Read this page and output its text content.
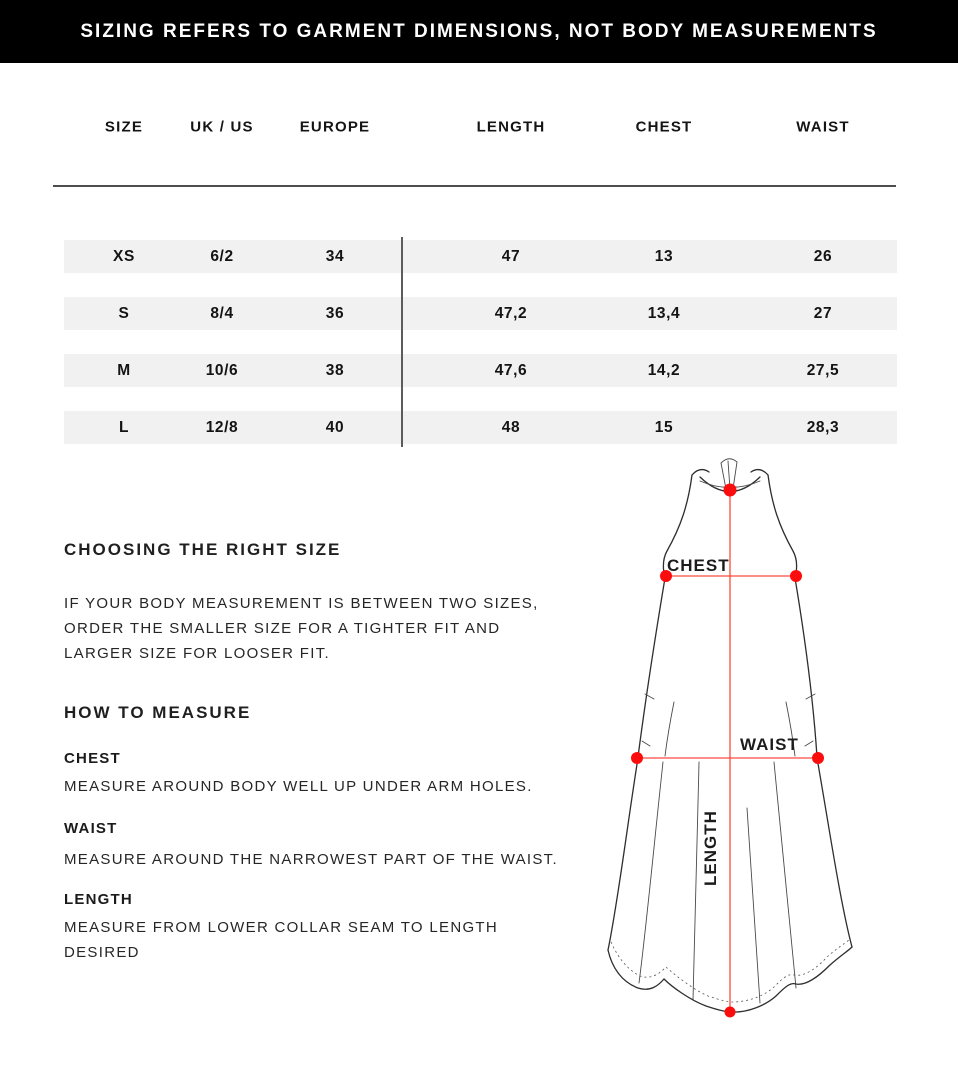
SIZING REFERS TO GARMENT DIMENSIONS, NOT BODY MEASUREMENTS
SIZE	UK / US	EUROPE	LENGTH	CHEST	WAIST
XS	6/2	34	47	13	26
S	8/4	36	47,2	13,4	27
M	10/6	38	47,6	14,2	27,5
L	12/8	40	48	15	28,3
CHOOSING THE RIGHT SIZE
IF YOUR BODY MEASUREMENT IS BETWEEN TWO SIZES,
ORDER THE SMALLER SIZE FOR A TIGHTER FIT AND
LARGER SIZE FOR LOOSER FIT.
HOW TO MEASURE
CHEST
MEASURE AROUND BODY WELL UP UNDER ARM HOLES.
WAIST
MEASURE AROUND THE NARROWEST PART OF THE WAIST.
LENGTH
MEASURE FROM LOWER COLLAR SEAM TO LENGTH
DESIRED
CHEST
WAIST
LENGTH
